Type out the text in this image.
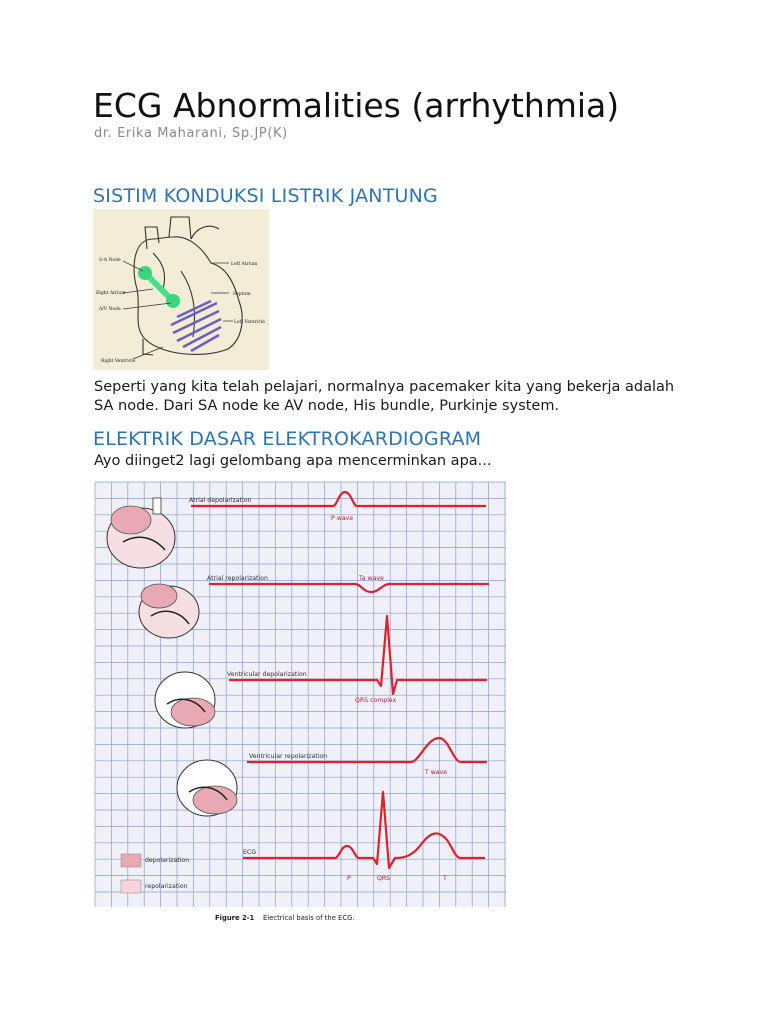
ECG Abnormalities (arrhythmia)
dr. Erika Maharani, Sp.JP(K)
SISTIM KONDUKSI LISTRIK JANTUNG
S-A Node
Right Atrium
A/V Node
Right Ventricle
Left Atrium
Septum
Left Ventricle

Seperti yang kita telah pelajari, normalnya pacemaker kita yang bekerja adalah

SA node. Dari SA node ke AV node, His bundle, Purkinje system.

ELEKTRIK DASAR ELEKTROKARDIOGRAM

Ayo diinget2 lagi gelombang apa mencerminkan apa...

Atrial depolarization
P wave
Atrial repolarization	Ta wave
Ventricular depolarization
QRS complex
Ventricular repolarization
T wave
ECG
P	QRS	T
depolarization
repolarization
Figure 2-1 Electrical basis of the ECG.
